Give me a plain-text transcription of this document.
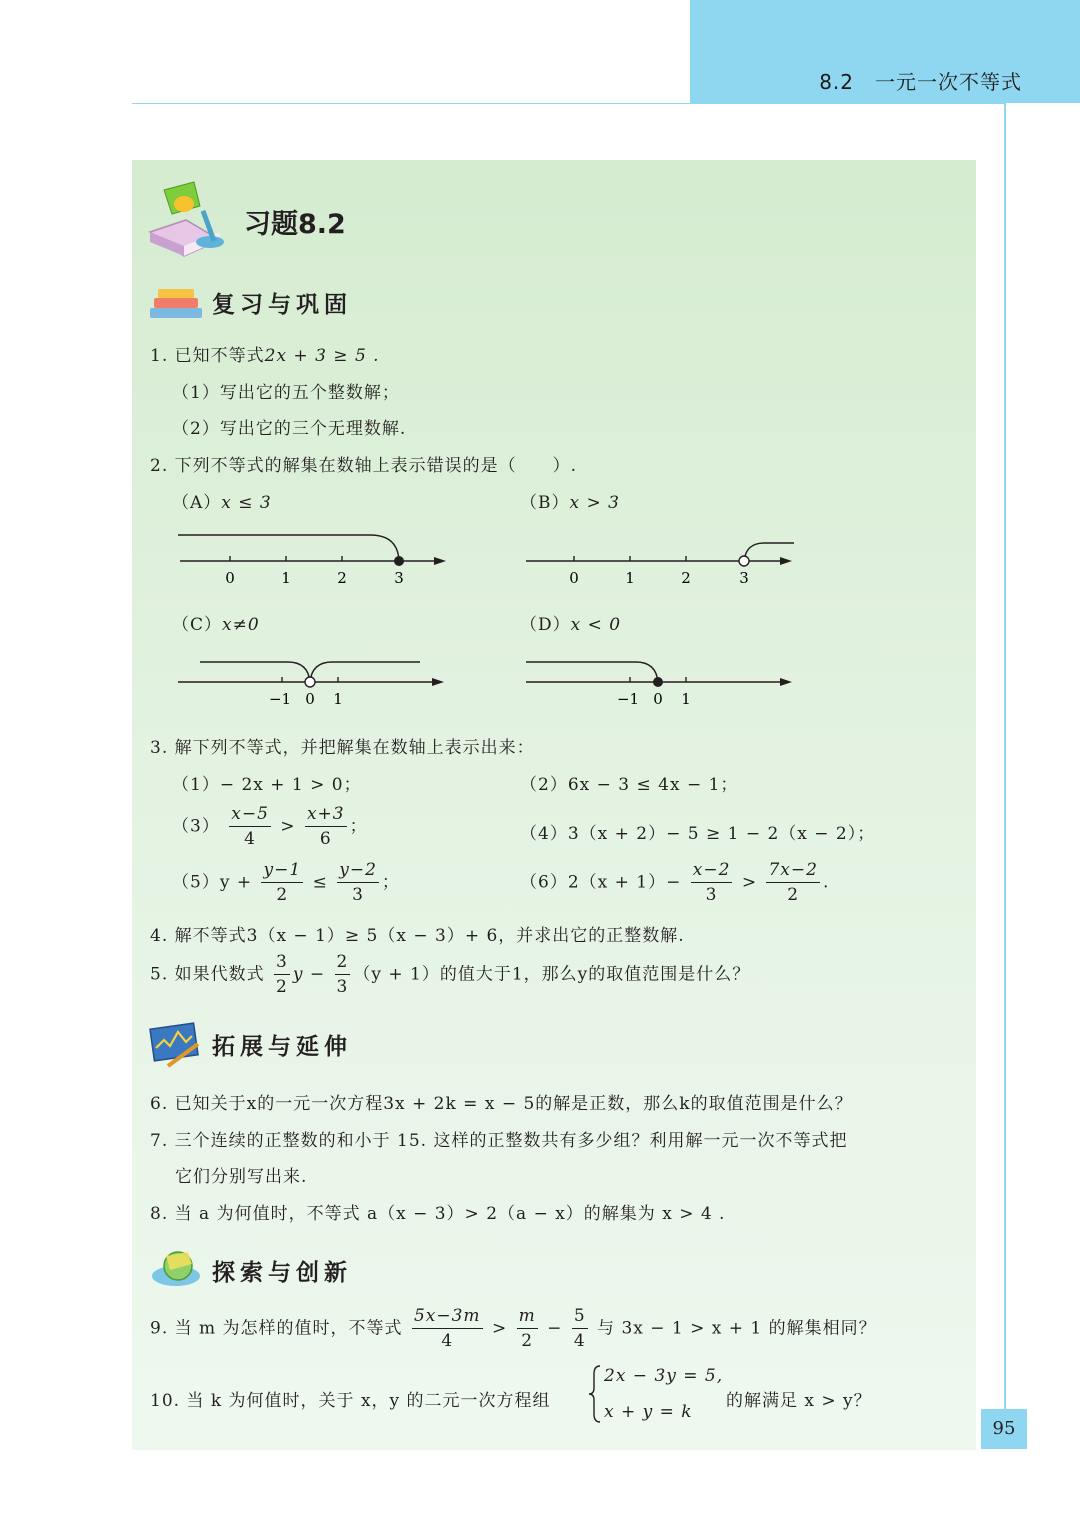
8.2　一元一次不等式
习题8.2
复习与巩固
1. 已知不等式2x + 3 ≥ 5 .
（1）写出它的五个整数解；
（2）写出它的三个无理数解.
2. 下列不等式的解集在数轴上表示错误的是（　　）.
（A）x ≤ 3	（B）x > 3
0	1	2	3	0	1	2	3
（C）x≠0	（D）x < 0
−1 0 1	−1 0 1
3. 解下列不等式，并把解集在数轴上表示出来：
（1）− 2x + 1 > 0；	（2）6x − 3 ≤ 4x − 1；
$(3) \frac{x-5}{4} > \frac{x+3}{6}$ ；	（4）3（x + 2）− 5 ≥ 1 − 2（x − 2）；
$(5)y + \frac{y-1}{2} \le \frac{y-2}{3}$ ；	$(6)2(x + 1)- \frac{x-2}{3} > \frac{7x-2}{2}$ .
4. 解不等式3（x − 1）≥ 5（x − 3）+ 6，并求出它的正整数解.
5. 如果代数式 $\frac{3}{2}$ $y - \frac{2}{3} (y + 1)$的值大于1，那么y的取值范围是什么？
拓展与延伸
6. 已知关于x的一元一次方程3x + 2k = x − 5的解是正数，那么k的取值范围是什么？
7. 三个连续的正整数的和小于 15. 这样的正整数共有多少组？利用解一元一次不等式把
它们分别写出来.
8. 当 a 为何值时，不等式 a（x − 3）> 2（a − x）的解集为 x > 4 .
探索与创新
9. 当 m 为怎样的值时，不等式 $\frac{5x-3m}{4} > \frac{m}{2} - \frac{5}{4}$ 与 3x − 1 > x + 1 的解集相同？
10. 当 k 为何值时，关于 x，y 的二元一次方程组
2x − 3y = 5,
x + y = k
的解满足 x > y？
95
